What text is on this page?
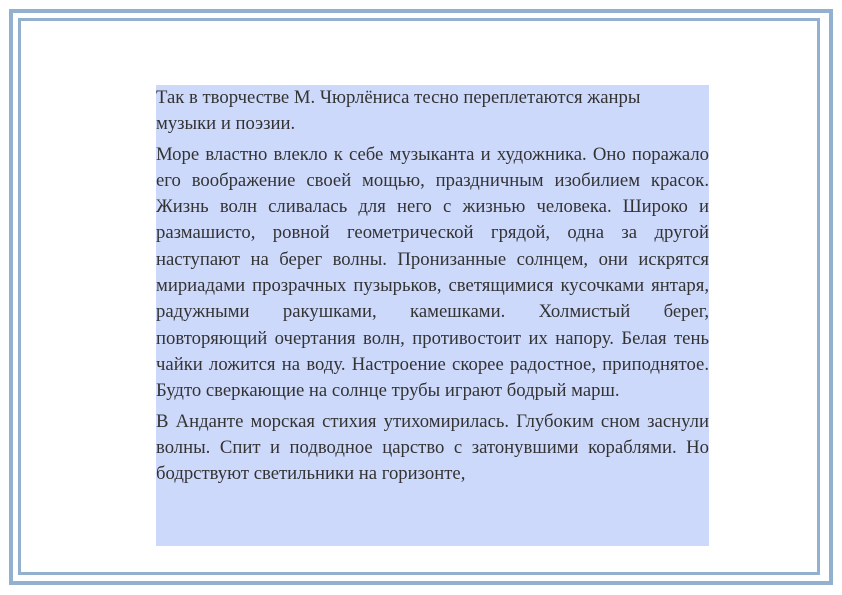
Так в творчестве М. Чюрлёниса тесно переплетаются жанры музыки и поэзии.

Море властно влекло к себе музыканта и художника. Оно поражало его воображение своей мощью, праздничным изобилием красок. Жизнь волн сливалась для него с жизнью человека. Широко и размашисто, ровной геометрической грядой, одна за другой наступают на берег волны. Пронизанные солнцем, они искрятся мириадами прозрачных пузырьков, светящимися кусочками янтаря, радужными ракушками, камешками. Холмистый берег, повторяющий очертания волн, противостоит их напору. Белая тень чайки ложится на воду. Настроение скорее радостное, приподнятое. Будто сверкающие на солнце трубы играют бодрый марш.

В Анданте морская стихия утихомирилась. Глубоким сном заснули волны. Спит и подводное царство с затонувшими кораблями. Но бодрствуют светильники на горизонте,
